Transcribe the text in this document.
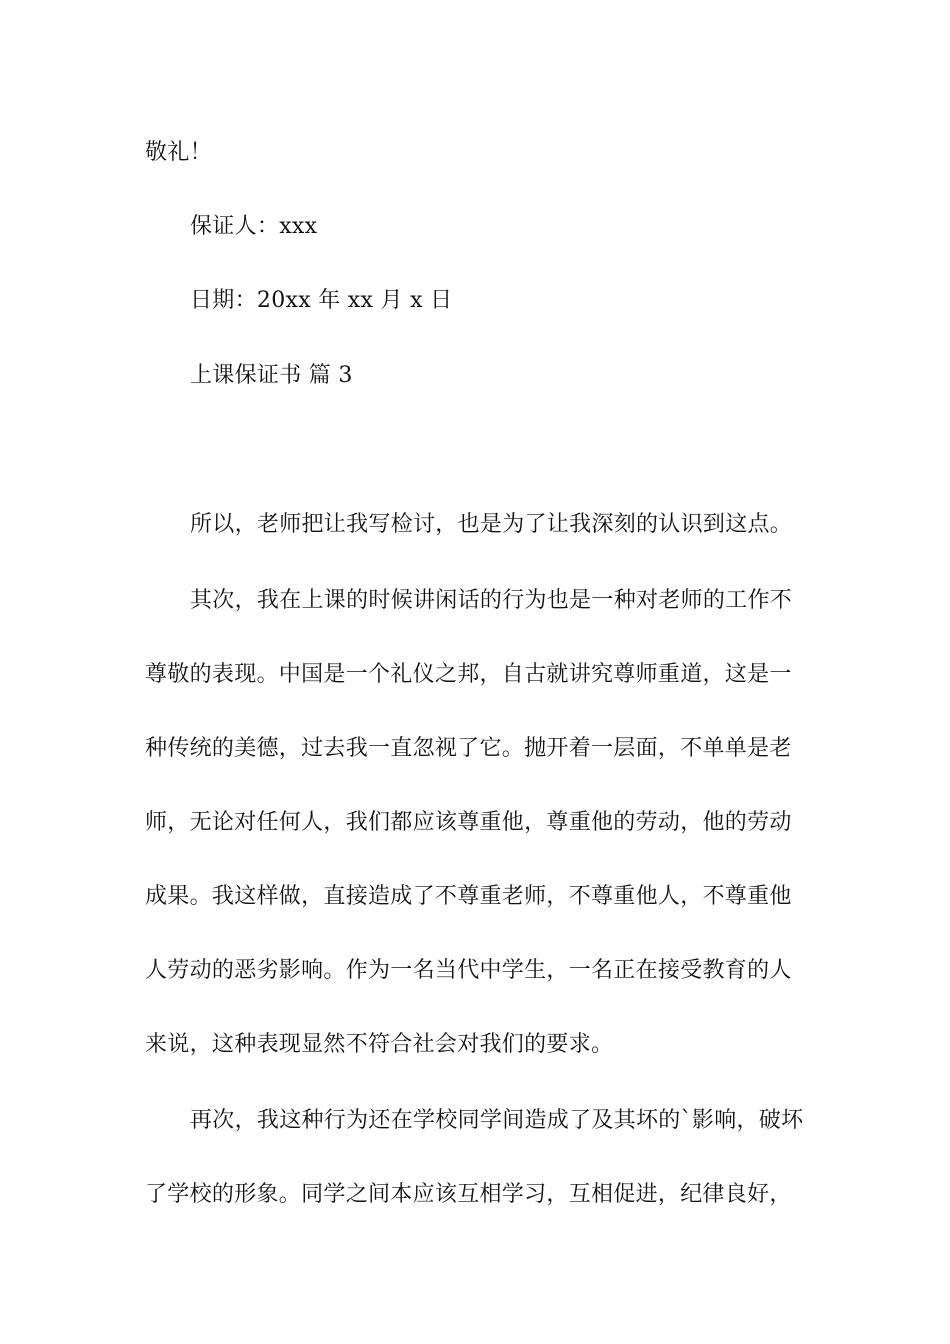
敬礼！
保证人：xxx
日期：20xx 年 xx 月 x 日
上课保证书 篇 3
所以，老师把让我写检讨，也是为了让我深刻的认识到这点。
其次，我在上课的时候讲闲话的行为也是一种对老师的工作不
尊敬的表现。中国是一个礼仪之邦，自古就讲究尊师重道，这是一
种传统的美德，过去我一直忽视了它。抛开着一层面，不单单是老
师，无论对任何人，我们都应该尊重他，尊重他的劳动，他的劳动
成果。我这样做，直接造成了不尊重老师，不尊重他人，不尊重他
人劳动的恶劣影响。作为一名当代中学生，一名正在接受教育的人
来说，这种表现显然不符合社会对我们的要求。
再次，我这种行为还在学校同学间造成了及其坏的`影响，破坏
了学校的形象。同学之间本应该互相学习，互相促进，纪律良好，
